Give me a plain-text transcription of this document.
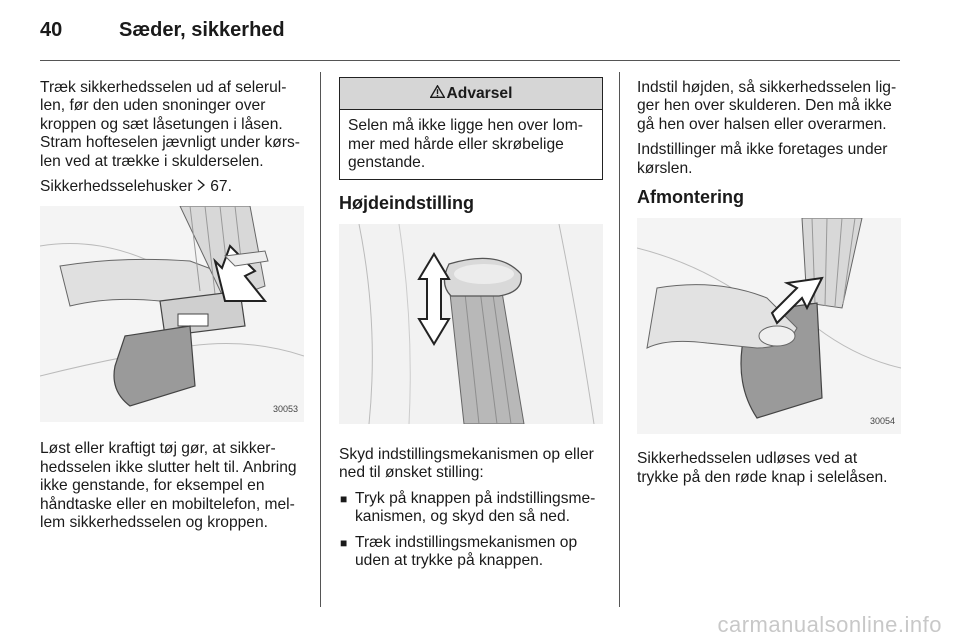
40	Sæder, sikkerhed

Træk sikkerhedsselen ud af selerul-len, før den uden snoninger over kroppen og sæt låsetungen i låsen. Stram hofteselen jævnligt under kørs-len ved at trække i skulderselen.

Sikkerhedsselehusker 67.

30053

Løst eller kraftigt tøj gør, at sikker-hedsselen ikke slutter helt til. Anbring ikke genstande, for eksempel en håndtaske eller en mobiltelefon, mel-lem sikkerhedsselen og kroppen.

Advarsel
Selen må ikke ligge hen over lom-mer med hårde eller skrøbelige genstande.
Højdeindstilling

Skyd indstillingsmekanismen op eller ned til ønsket stilling:

■ Tryk på knappen på indstillingsme-kanismen, og skyd den så ned.
■ Træk indstillingsmekanismen op uden at trykke på knappen.

Indstil højden, så sikkerhedsselen lig-ger hen over skulderen. Den må ikke gå hen over halsen eller overarmen.

Indstillinger må ikke foretages under kørslen.

Afmontering
30054

Sikkerhedsselen udløses ved at trykke på den røde knap i selelåsen.

carmanualsonline.info
